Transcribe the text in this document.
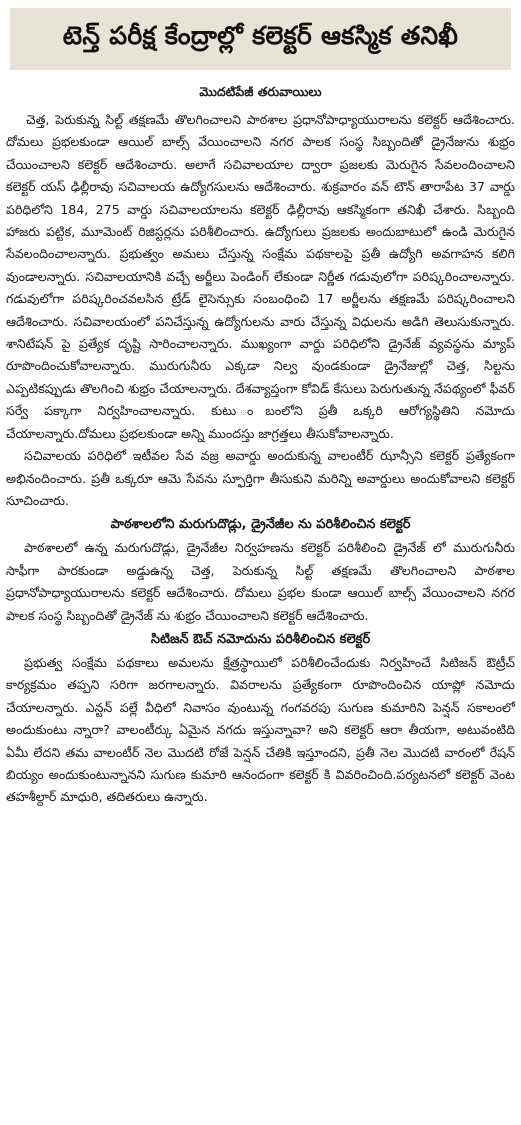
టెన్త్ పరీక్ష కేంద్రాల్లో కలెక్టర్ ఆకస్మిక తనిఖీ
మొదటిపేజీ తరువాయిలు

చెత్త, పెరుకున్న సిల్ట్ తక్షణమే తొలగించాలని పాఠశాల ప్రధానోపాధ్యాయురాలను కలెక్టర్ ఆదేశించారు. దోమలు ప్రభలకుండా ఆయిల్ బాల్స్ వేయించాలని నగర పాలక సంస్థ సిబ్బందితో డ్రైనేజును శుభ్రం చేయించాలని కలెక్టర్ ఆదేశించారు. అలాగే సచివాలయాల ద్వారా ప్రజలకు మెరుగైన సేవలందించాలని కలెక్టర్ యస్ ఢిల్లీరావు సచివాలయ ఉద్యోగసులను ఆదేశించారు. శుక్రవారం వన్ టౌన్ తారాపేట 37 వార్డు పరిధిలోని 184, 275 వార్డు సచివాలయాలను కలెక్టర్ ఢిల్లీరావు ఆకస్మికంగా తనిఖీ చేశారు. సిబ్బంది హాజరు పట్టిక, మూమెంట్ రిజిస్టర్లను పరిశీలించారు. ఉద్యోగులు ప్రజలకు అందుబాటులో ఉండి మెరుగైన సేవలందించాలన్నారు. ప్రభుత్వం అమలు చేస్తున్న సంక్షేమ పథకాలపై ప్రతీ ఉద్యోగి అవగాహన కలిగి వుండాలన్నారు. సచివాలయానికి వచ్చే అర్జీలు పెండింగ్ లేకుండా నిర్ణీత గడువులోగా పరిష్కరించాలన్నారు. గడువులోగా పరిష్కరించవలసిన ట్రేడ్ లైసెన్సుకు సంబంధించి 17 అర్జీలను తక్షణమే పరిష్కరించాలని ఆదేశించారు. సచివాలయంలో పనిచేస్తున్న ఉద్యోగులను వారు చేస్తున్న విధులను అడిగి తెలుసుకున్నారు. శానిటేషన్ పై ప్రత్యేక దృష్టి సారించాలన్నారు. ముఖ్యంగా వార్డు పరిధిలోని డ్రైనేజ్ వ్యవస్థను మ్యాప్ రూపొందించుకోవాలన్నారు. మురుగునీరు ఎక్కడా నిల్వ వుండకుండా డ్రైనేజుల్లో చెత్త, సిల్టను ఎప్పటికప్పుడు తొలగించి శుభ్రం చేయాలన్నారు. దేశవ్యాప్తంగా కోవిడ్ కేసులు పెరుగుతున్న నేపథ్యంలో ఫీవర్ సర్వే పక్కాగా నిర్వహించాలన్నారు. కుటు ంబంలోని ప్రతీ ఒక్కరి ఆరోగ్యస్థితిని నమోదు చేయాలన్నారు.దోమలు ప్రభలకుండా అన్ని ముందస్తు జాగ్రత్తలు తీసుకోవాలన్నారు.

సచివాలయ పరిధిలో ఇటీవల సేవ వజ్ర అవార్డు అందుకున్న వాలంటీర్ ఝాన్సీని కలెక్టర్ ప్రత్యేకంగా అభినందించారు. ప్రతీ ఒక్కరూ ఆమె సేవను స్ఫూర్తిగా తీసుకుని మరిన్ని అవార్డులు అందుకోవాలని కలెక్టర్ సూచించారు.

పాఠశాలలోని మరుగుదొడ్లు, డ్రైనేజీల ను పరిశీలించిన కలెక్టర్

పాఠశాలలో ఉన్న మరుగుదొడ్లు, డ్రైనేజీల నిర్వహణను కలెక్టర్ పరిశీలించి డ్రైనేజ్ లో మురుగునీరు సాఫీగా పారకుండా అడ్డుఉన్న చెత్త, పెరుకున్న సిల్ట్ తక్షణమే తొలగించాలని పాఠశాల ప్రధానోపాధ్యాయురాలను కలెక్టర్ ఆదేశించారు. దోమలు ప్రభల కుండా ఆయిల్ బాల్స్ వేయించాలని నగర పాలక సంస్థ సిబ్బందితో డ్రైనేజ్ ను శుభ్రం చేయించాలని కలెక్టర్ ఆదేశించారు.

సిటిజన్ ఔచ్ నమోదును పరిశీలించిన కలెక్టర్

ప్రభుత్వ సంక్షేమ పథకాలు అమలను క్షేత్రస్థాయిలో పరిశీలించేందుకు నిర్వహించే సిటిజన్ ఔట్రీచ్ కార్యక్రమం తప్పని సరిగా జరగాలన్నారు. వివరాలను ప్రత్యేకంగా రూపొందించిన యాప్లో నమోదు చేయాలన్నారు. ఎన్టన్ పల్లే వీధిలో నివాసం వుంటున్న గంగవరపు సుగుణ కుమారిని పెన్షన్ సకాలంలో అందుకుంటు న్నారా? వాలంటీర్కు ఏమైన నగదు ఇస్తున్నావా? అని కలెక్టర్ ఆరా తీయగా, అటువంటిది ఏమీ లేదని తమ వాలంటీర్ నెల మొదటి రోజే పెన్షన్ చేతికి ఇస్తూందని, ప్రతీ నెల మొదటి వారంలో రేషన్ బియ్యం అందుకుంటున్నానని సుగుణ కుమారి ఆనందంగా కలెక్టర్ కి వివరించింది.పర్యటనలో కలెక్టర్ వెంట తహశీల్దార్ మాధురి, తదితరులు ఉన్నారు.
